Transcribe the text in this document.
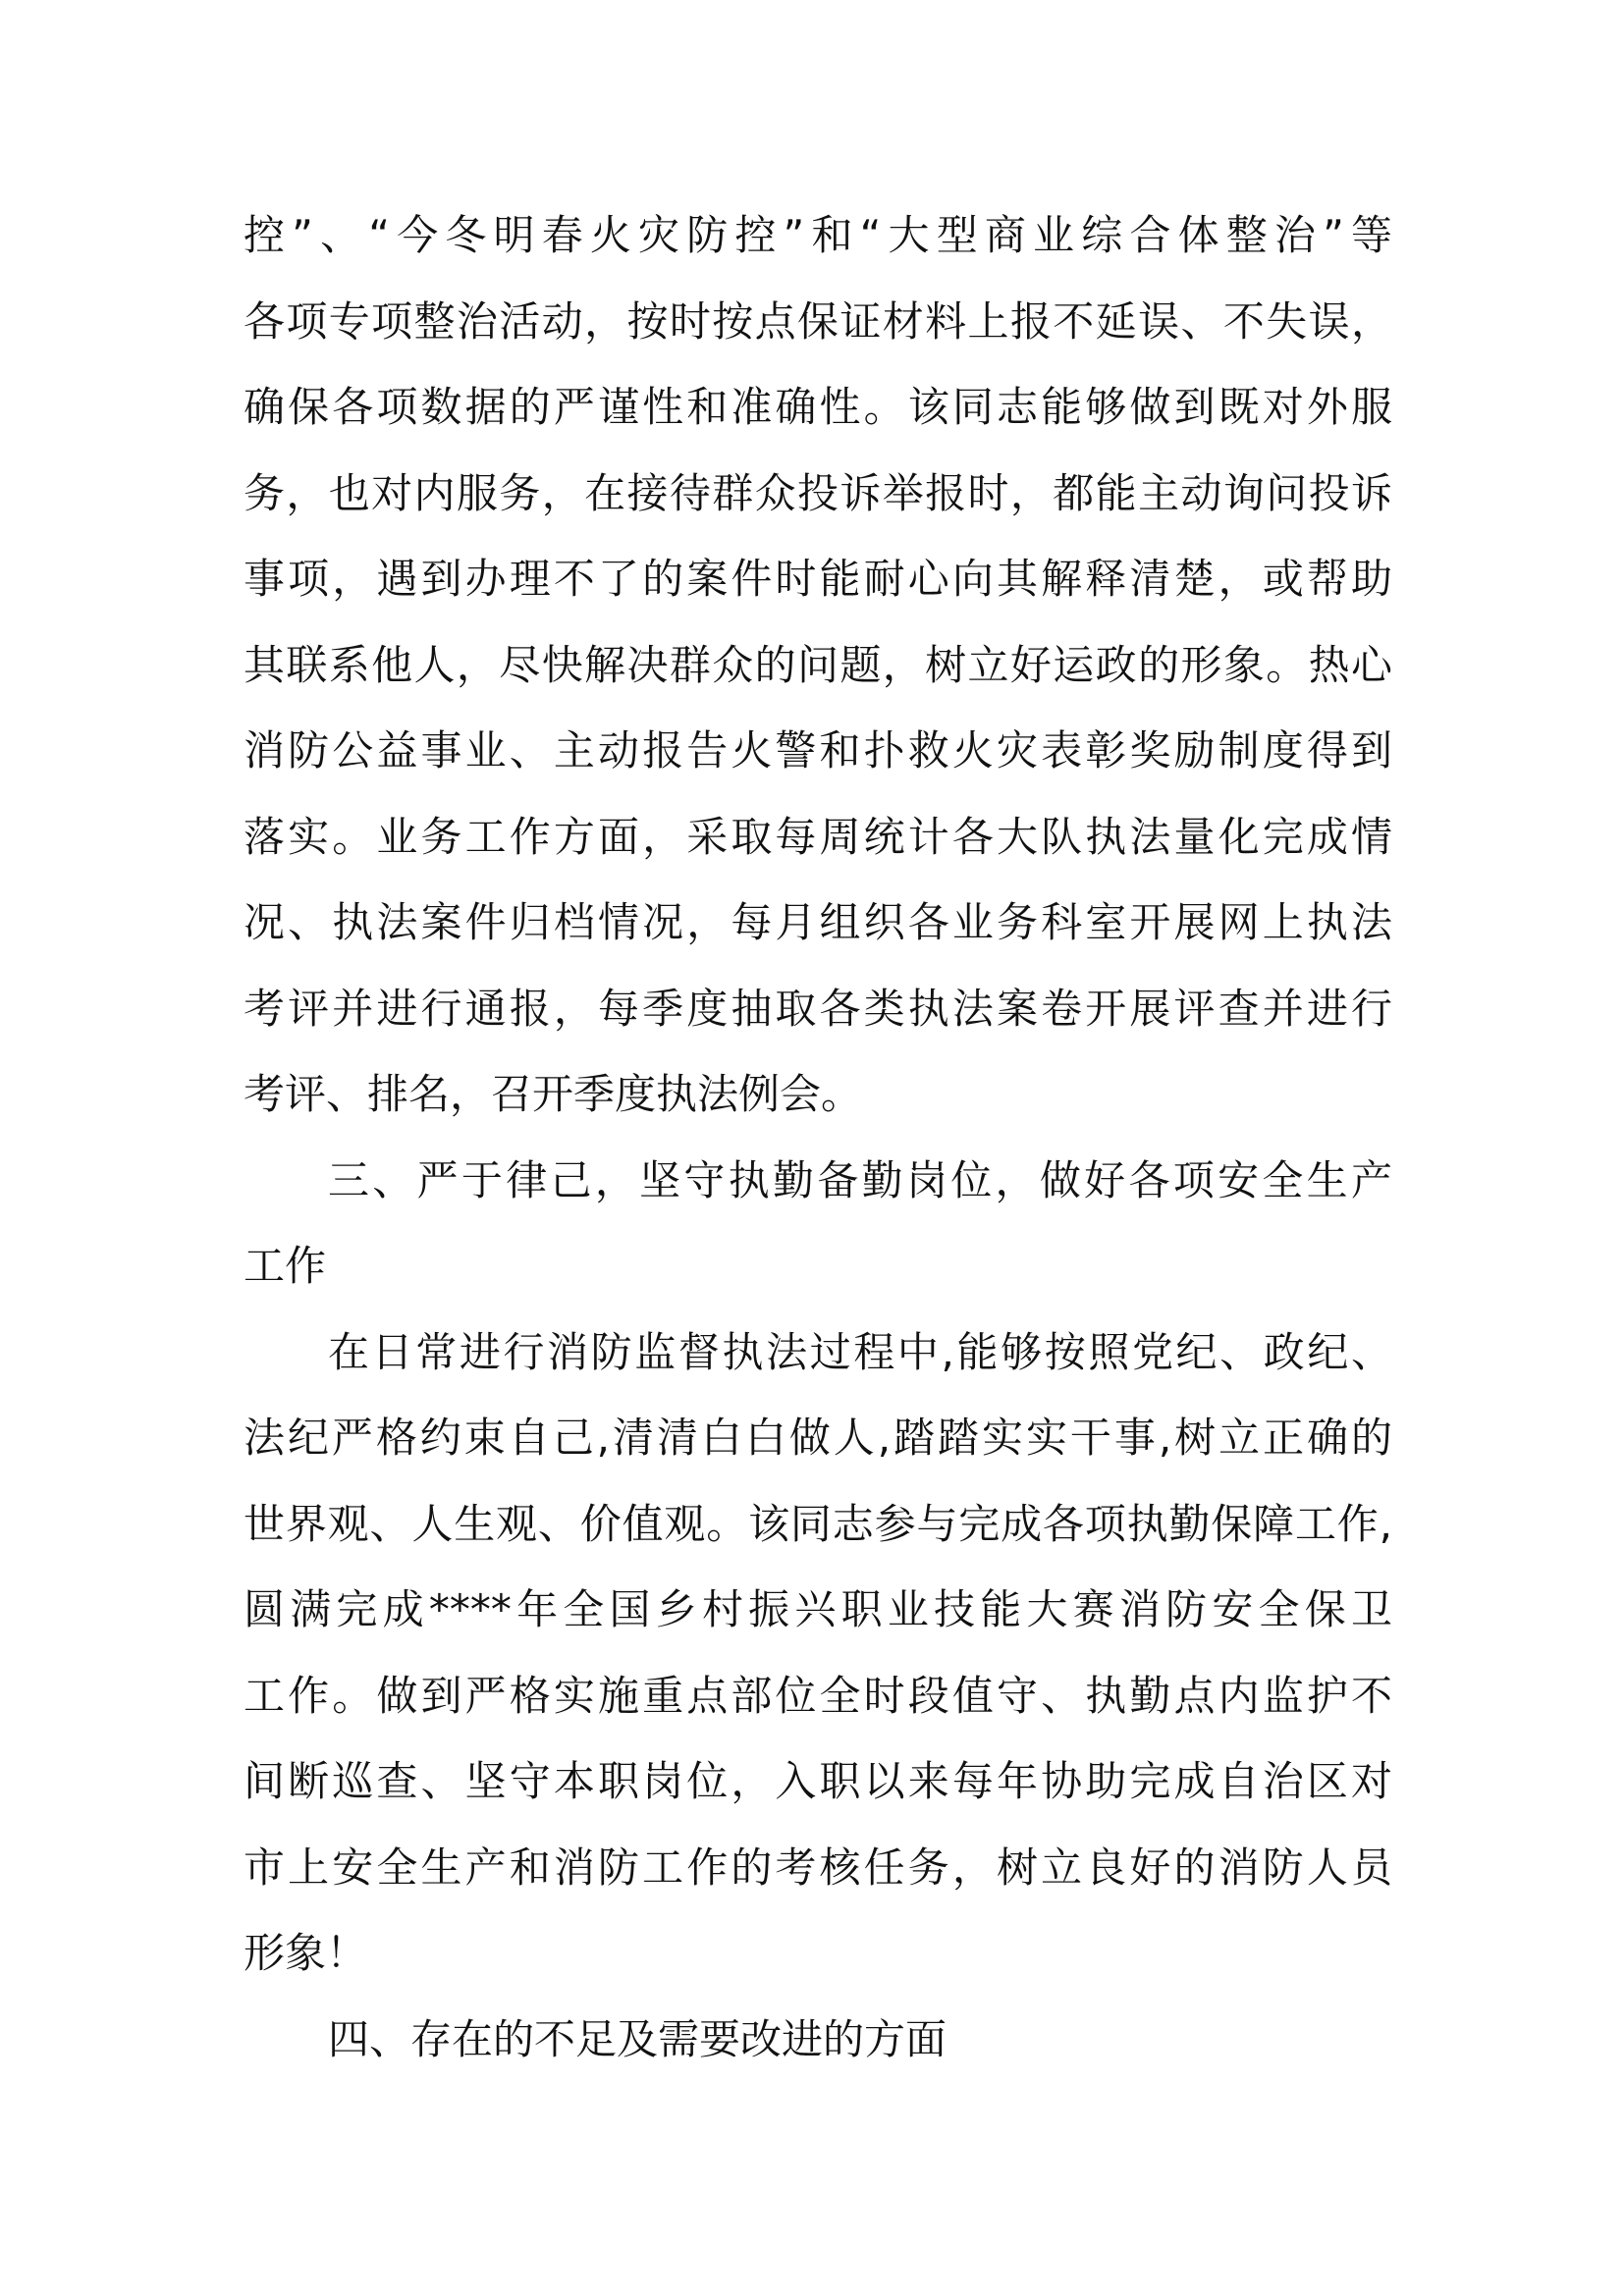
控”、“今冬明春火灾防控”和“大型商业综合体整治”等
各项专项整治活动，按时按点保证材料上报不延误、不失误，
确保各项数据的严谨性和准确性。该同志能够做到既对外服
务，也对内服务，在接待群众投诉举报时，都能主动询问投诉
事项，遇到办理不了的案件时能耐心向其解释清楚，或帮助
其联系他人，尽快解决群众的问题，树立好运政的形象。热心
消防公益事业、主动报告火警和扑救火灾表彰奖励制度得到
落实。业务工作方面，采取每周统计各大队执法量化完成情
况、执法案件归档情况，每月组织各业务科室开展网上执法
考评并进行通报，每季度抽取各类执法案卷开展评查并进行
考评、排名，召开季度执法例会。
三、严于律己，坚守执勤备勤岗位，做好各项安全生产
工作
在日常进行消防监督执法过程中,能够按照党纪、政纪、
法纪严格约束自己,清清白白做人,踏踏实实干事,树立正确的
世界观、人生观、价值观。该同志参与完成各项执勤保障工作,
圆满完成****年全国乡村振兴职业技能大赛消防安全保卫
工作。做到严格实施重点部位全时段值守、执勤点内监护不
间断巡查、坚守本职岗位，入职以来每年协助完成自治区对
市上安全生产和消防工作的考核任务，树立良好的消防人员
形象！
四、存在的不足及需要改进的方面
